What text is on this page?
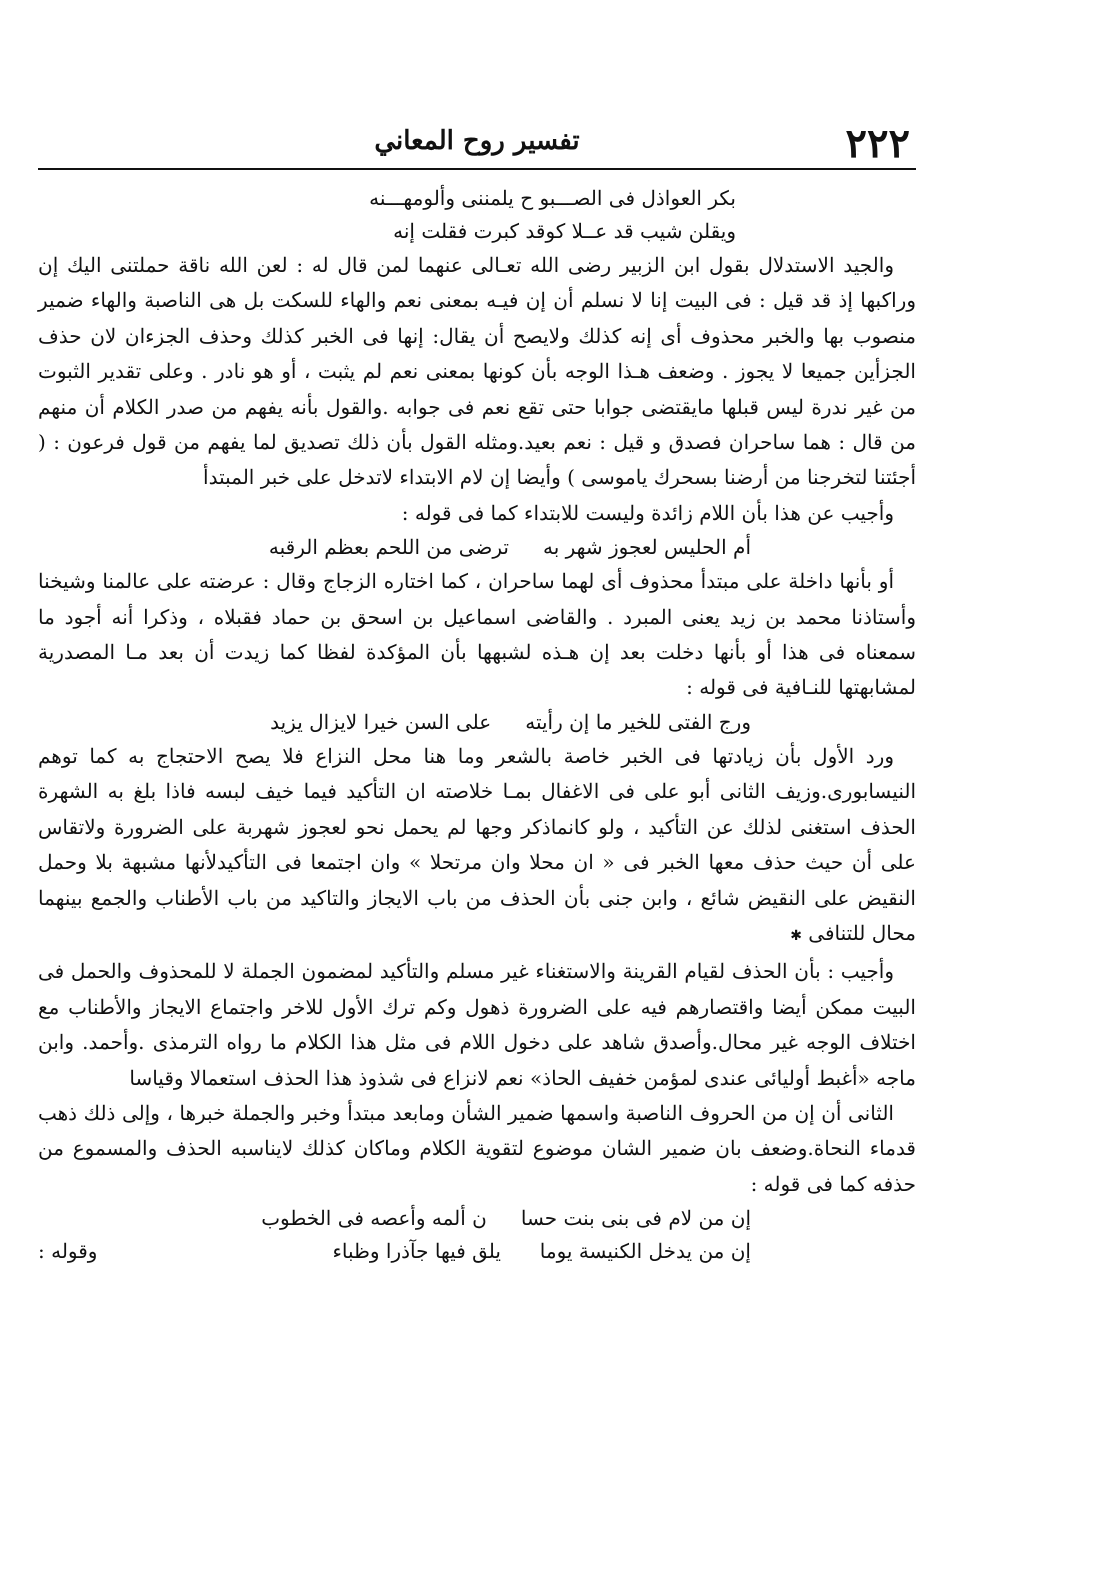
٢٢٢
تفسير روح المعاني
بكر العواذل فى الصـــبو ح يلمننى وألومهـــنه
ويقلن شيب قد عــلا كوقد كبرت فقلت إنه

والجيد الاستدلال بقول ابن الزبير رضى الله تعـالى عنهما لمن قال له : لعن الله ناقة حملتنى اليك إن وراكبها إذ قد قيل : فى البيت إنا لا نسلم أن إن فيـه بمعنى نعم والهاء للسكت بل هى الناصبة والهاء ضمير منصوب بها والخبر محذوف أى إنه كذلك ولايصح أن يقال: إنها فى الخبر كذلك وحذف الجزءان لان حذف الجزأين جميعا لا يجوز . وضعف هـذا الوجه بأن كونها بمعنى نعم لم يثبت ، أو هو نادر . وعلى تقدير الثبوت من غير ندرة ليس قبلها مايقتضى جوابا حتى تقع نعم فى جوابه .والقول بأنه يفهم من صدر الكلام أن منهم من قال : هما ساحران فصدق و قيل : نعم بعيد.ومثله القول بأن ذلك تصديق لما يفهم من قول فرعون : ( أجئتنا لتخرجنا من أرضنا بسحرك ياموسى ) وأيضا إن لام الابتداء لاتدخل على خبر المبتدأ

وأجيب عن هذا بأن اللام زائدة وليست للابتداء كما فى قوله :

أم الحليس لعجوز شهر به
ترضى من اللحم بعظم الرقبه

أو بأنها داخلة على مبتدأ محذوف أى لهما ساحران ، كما اختاره الزجاج وقال : عرضته على عالمنا وشيخنا وأستاذنا محمد بن زيد يعنى المبرد . والقاضى اسماعيل بن اسحق بن حماد فقبلاه ، وذكرا أنه أجود ما سمعناه فى هذا أو بأنها دخلت بعد إن هـذه لشبهها بأن المؤكدة لفظا كما زيدت أن بعد مـا المصدرية لمشابهتها للنـافية فى قوله :

ورج الفتى للخير ما إن رأيته
على السن خيرا لايزال يزيد

ورد الأول بأن زيادتها فى الخبر خاصة بالشعر وما هنا محل النزاع فلا يصح الاحتجاج به كما توهم النيسابورى.وزيف الثانى أبو على فى الاغفال بمـا خلاصته ان التأكيد فيما خيف لبسه فاذا بلغ به الشهرة الحذف استغنى لذلك عن التأكيد ، ولو كانماذكر وجها لم يحمل نحو لعجوز شهربة على الضرورة ولاتقاس على أن حيث حذف معها الخبر فى « ان محلا وان مرتحلا » وان اجتمعا فى التأكيدلأنها مشبهة بلا وحمل النقيض على النقيض شائع ، وابن جنى بأن الحذف من باب الايجاز والتاكيد من باب الأطناب والجمع بينهما محال للتنافى ✱

وأجيب : بأن الحذف لقيام القرينة والاستغناء غير مسلم والتأكيد لمضمون الجملة لا للمحذوف والحمل فى البيت ممكن أيضا واقتصارهم فيه على الضرورة ذهول وكم ترك الأول للاخر واجتماع الايجاز والأطناب مع اختلاف الوجه غير محال.وأصدق شاهد على دخول اللام فى مثل هذا الكلام ما رواه الترمذى .وأحمد. وابن ماجه «أغبط أوليائى عندى لمؤمن خفيف الحاذ» نعم لانزاع فى شذوذ هذا الحذف استعمالا وقياسا

الثانى أن إن من الحروف الناصبة واسمها ضمير الشأن ومابعد مبتدأ وخبر والجملة خبرها ، وإلى ذلك ذهب قدماء النحاة.وضعف بان ضمير الشان موضوع لتقوية الكلام وماكان كذلك لايناسبه الحذف والمسموع من حذفه كما فى قوله :

إن من لام فى بنى بنت حسا
ن ألمه وأعصه فى الخطوب
إن من يدخل الكنيسة يوما
يلق فيها جآذرا وظباء
وقوله :
